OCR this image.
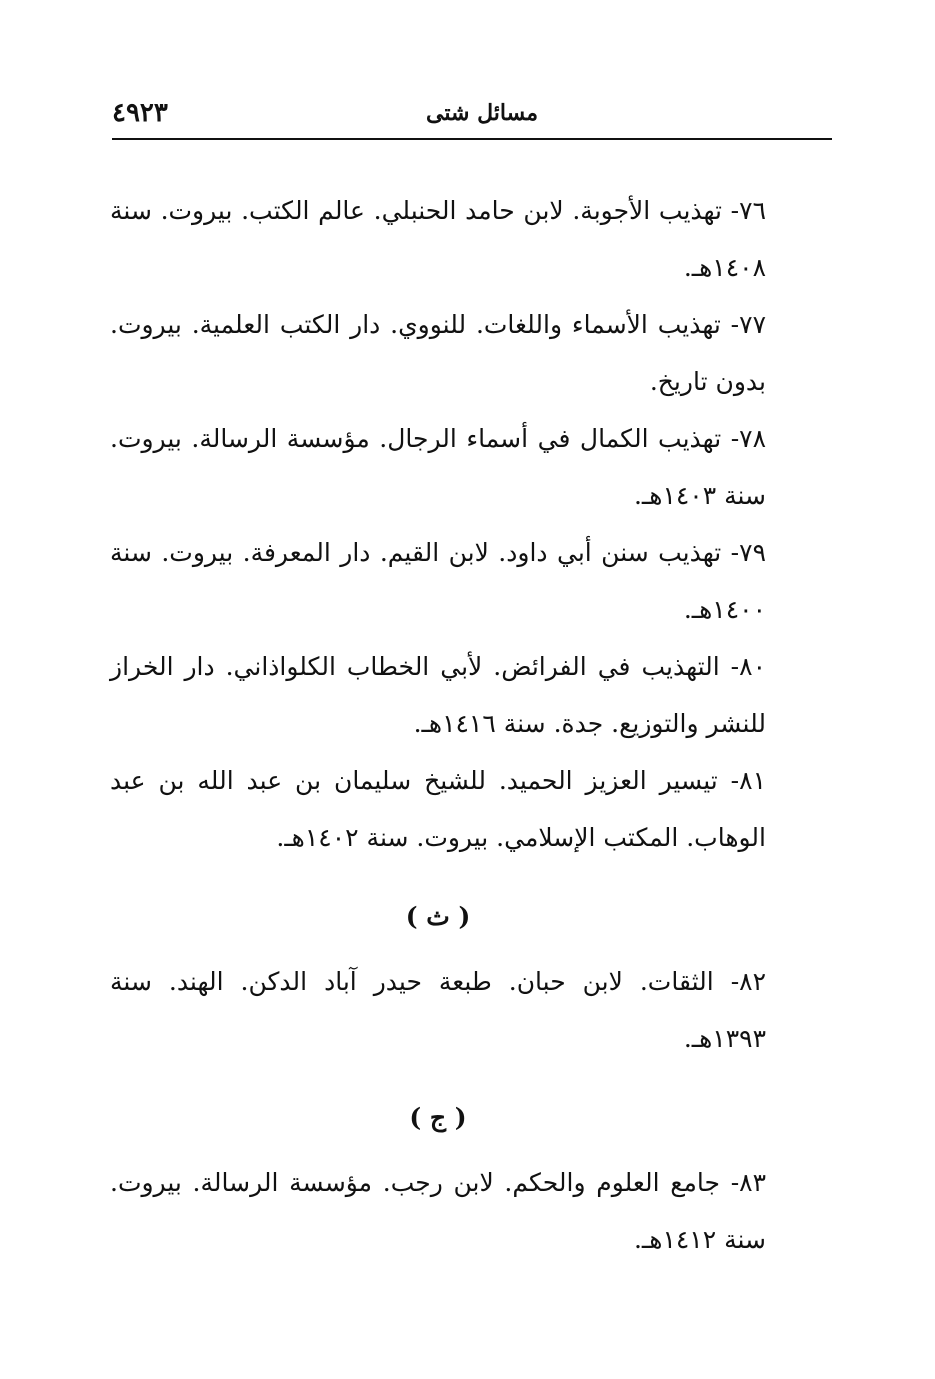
٤٩٢٣	مسائل شتى

٧٦- تهذيب الأجوبة. لابن حامد الحنبلي. عالم الكتب. بيروت. سنة ١٤٠٨هـ.

٧٧- تهذيب الأسماء واللغات. للنووي. دار الكتب العلمية. بيروت. بدون تاريخ.

٧٨- تهذيب الكمال في أسماء الرجال. مؤسسة الرسالة. بيروت. سنة ١٤٠٣هـ.

٧٩- تهذيب سنن أبي داود. لابن القيم. دار المعرفة. بيروت. سنة ١٤٠٠هـ.

٨٠- التهذيب في الفرائض. لأبي الخطاب الكلواذاني. دار الخراز للنشر والتوزيع. جدة. سنة ١٤١٦هـ.

٨١- تيسير العزيز الحميد. للشيخ سليمان بن عبد الله بن عبد الوهاب. المكتب الإسلامي. بيروت. سنة ١٤٠٢هـ.

( ث )

٨٢- الثقات. لابن حبان. طبعة حيدر آباد الدكن. الهند. سنة ١٣٩٣هـ.

( ج )

٨٣- جامع العلوم والحكم. لابن رجب. مؤسسة الرسالة. بيروت. سنة ١٤١٢هـ.
